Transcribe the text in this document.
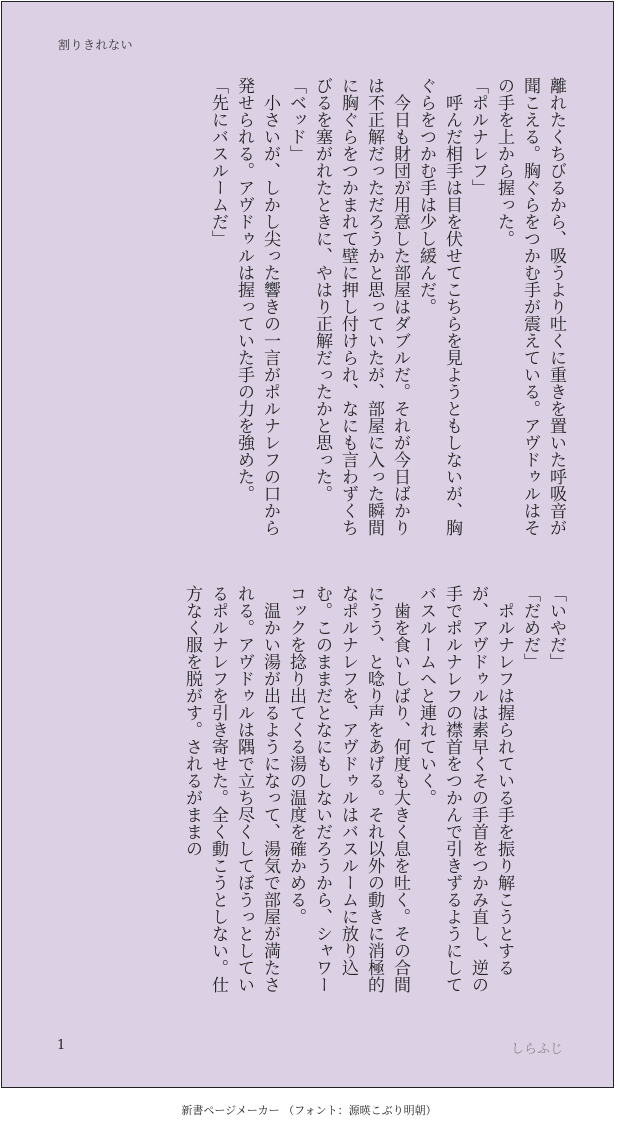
割りきれない
離れたくちびるから、吸うより吐くに重きを置いた呼吸音が聞こえる。胸ぐらをつかむ手が震えている。アヴドゥルはその手を上から握った。
「ポルナレフ」
　呼んだ相手は目を伏せてこちらを見ようともしないが、胸ぐらをつかむ手は少し緩んだ。
　今日も財団が用意した部屋はダブルだ。それが今日ばかりは不正解だっただろうかと思っていたが、部屋に入った瞬間に胸ぐらをつかまれて壁に押し付けられ、なにも言わずくちびるを塞がれたときに、やはり正解だったかと思った。
「ベッド」
　小さいが、しかし尖った響きの一言がポルナレフの口から発せられる。アヴドゥルは握っていた手の力を強めた。
「先にバスルームだ」
「いやだ」
「だめだ」
　ポルナレフは握られている手を振り解こうとするが、アヴドゥルは素早くその手首をつかみ直し、逆の手でポルナレフの襟首をつかんで引きずるようにしてバスルームへと連れていく。
　歯を食いしばり、何度も大きく息を吐く。その合間にうう、と唸り声をあげる。それ以外の動きに消極的なポルナレフを、アヴドゥルはバスルームに放り込む。このままだとなにもしないだろうから、シャワーコックを捻り出てくる湯の温度を確かめる。
　温かい湯が出るようになって、湯気で部屋が満たされる。アヴドゥルは隅で立ち尽くしてぼうっとしているポルナレフを引き寄せた。全く動こうとしない。仕方なく服を脱がす。されるがままの
1	しらふじ
新書ページメーカー （フォント：源暎こぶり明朝）
